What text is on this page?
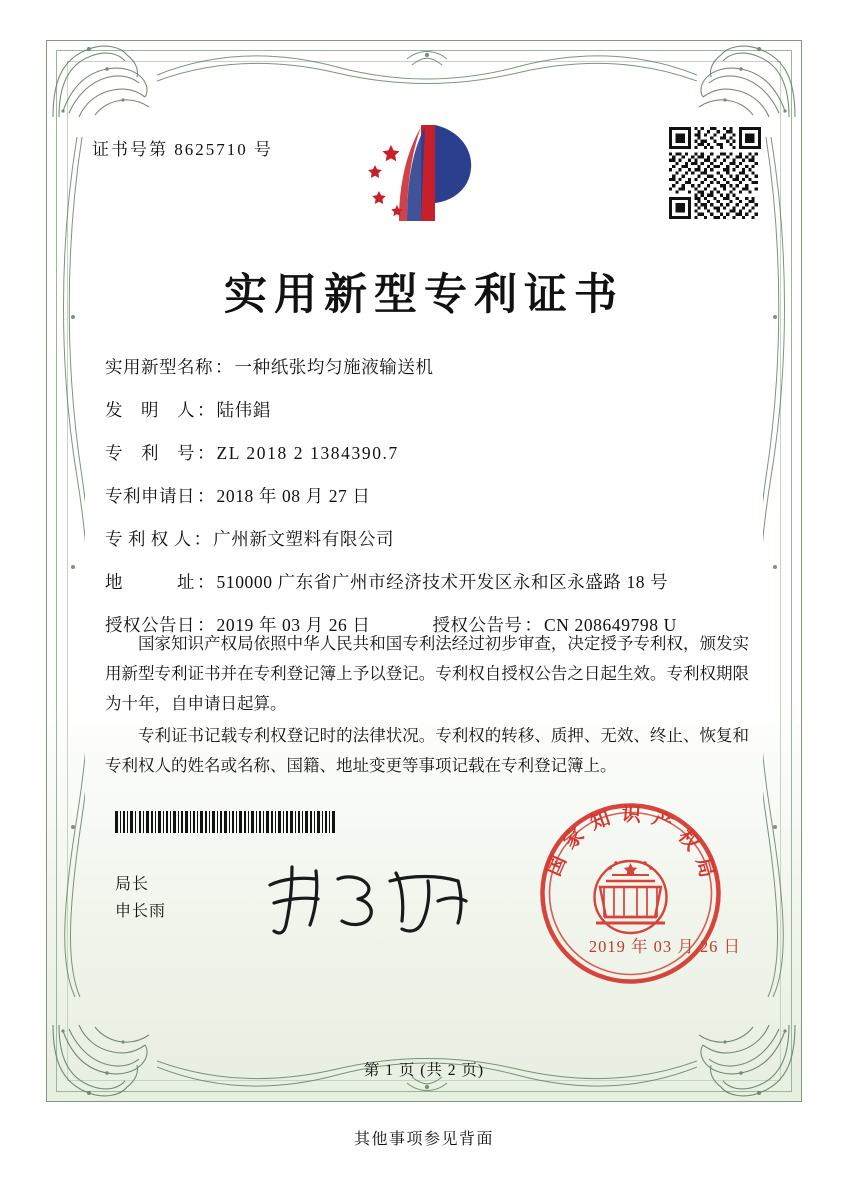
证书号第 8625710 号
实用新型专利证书
实用新型名称 ： 一种纸张均匀施液输送机
发　明　人 ： 陆伟錩
专　利　号 ： ZL 2018 2 1384390.7
专利申请日 ： 2018 年 08 月 27 日
专 利 权 人 ： 广州新文塑料有限公司
地　　　址 ： 510000 广东省广州市经济技术开发区永和区永盛路 18 号
授权公告日 ： 2019 年 03 月 26 日	授权公告号 ： CN 208649798 U

国家知识产权局依照中华人民共和国专利法经过初步审查，决定授予专利权，颁发实用新型专利证书并在专利登记簿上予以登记。专利权自授权公告之日起生效。专利权期限为十年，自申请日起算。

专利证书记载专利权登记时的法律状况。专利权的转移、质押、无效、终止、恢复和专利权人的姓名或名称、国籍、地址变更等事项记载在专利登记簿上。

局长
申长雨
国家知识产权局
2019 年 03 月 26 日
第 1 页 (共 2 页)
其他事项参见背面
